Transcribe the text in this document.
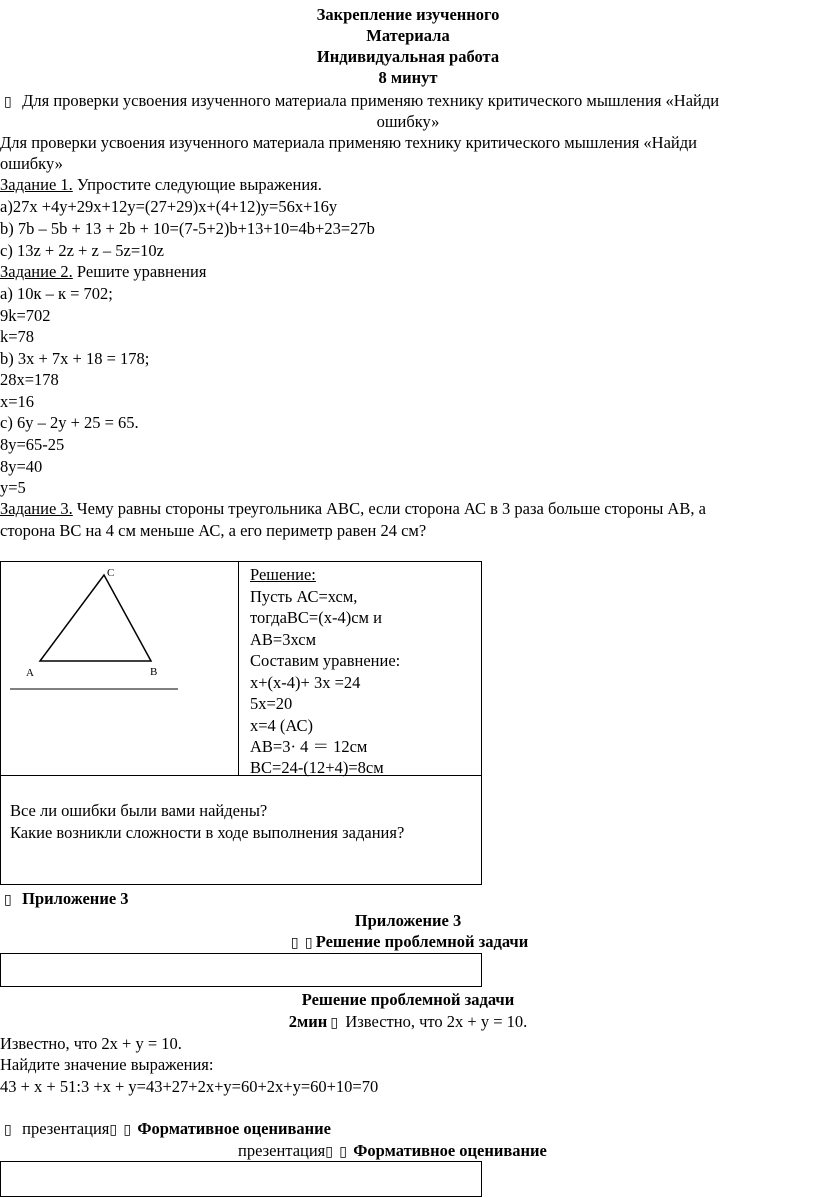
Закрепление изученного
Материала
Индивидуальная работа
8 минут
▯ Для проверки усвоения изученного материала применяю технику критического мышления «Найди
ошибку»
Для проверки усвоения изученного материала применяю технику критического мышления «Найди
ошибку»
Задание 1. Упростите следующие выражения.
а)27х +4у+29х+12у=(27+29)х+(4+12)у=56х+16у
b) 7b – 5b + 13 + 2b + 10=(7-5+2)b+13+10=4b+23=27b
c) 13z + 2z + z – 5z=10z
Задание 2. Решите уравнения
а) 10к – к = 702;
9k=702
k=78
b) 3x + 7x + 18 = 178;
28x=178
x=16
c) 6y – 2y + 25 = 65.
8y=65-25
8y=40
y=5
Задание 3. Чему равны стороны треугольника АВС, если сторона АС в 3 раза больше стороны АВ, а
сторона ВС на 4 см меньше АС, а его периметр равен 24 см?
С
А	В
Решение:
Пусть АС=хсм,
тогдаВС=(х-4)см и
АВ=3хсм
Составим уравнение:
х+(х-4)+ 3х =24
5х=20
х=4 (АС)
АВ=3· 4 ＝ 12см
ВС=24-(12+4)=8см
Все ли ошибки были вами найдены?
Какие возникли сложности в ходе выполнения задания?
▯ Приложение 3
Приложение 3
▯ ▯ Решение проблемной задачи
Решение проблемной задачи
2мин ▯ Известно, что 2х + у = 10.
Известно, что 2х + у = 10.
Найдите значение выражения:
43 + х + 51:3 +х + у=43+27+2х+у=60+2х+у=60+10=70
▯ презентация▯ ▯ Формативное оценивание
презентация▯ ▯ Формативное оценивание
